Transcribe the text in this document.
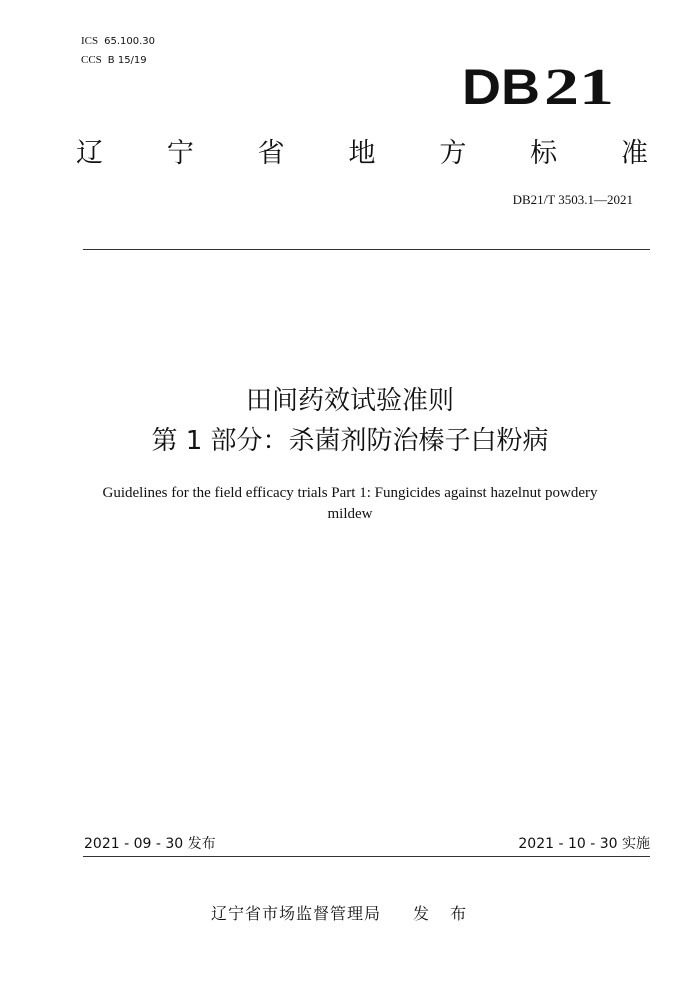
ICS 65.100.30
CCS B 15/19	DB 21
辽 宁 省 地 方 标 准
DB21/T 3503.1—2021
田间药效试验准则
第 1 部分：杀菌剂防治榛子白粉病
Guidelines for the field efficacy trials Part 1: Fungicides against hazelnut powdery mildew
2021 - 09 - 30 发布	2021 - 10 - 30 实施
辽宁省市场监督管理局 发 布
